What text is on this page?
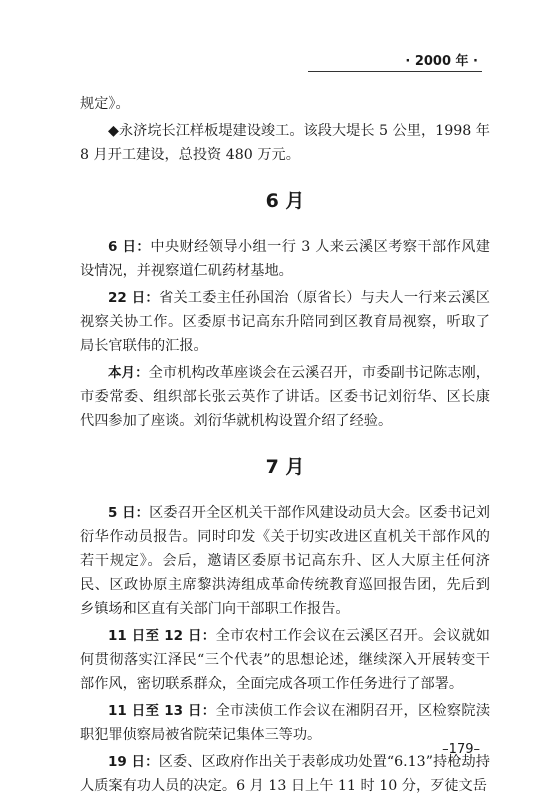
· 2000 年 ·

规定》。

◆永济垸长江样板堤建设竣工。该段大堤长 5 公里，1998 年 8 月开工建设，总投资 480 万元。

6 月

6 日：中央财经领导小组一行 3 人来云溪区考察干部作风建设情况，并视察道仁矶药材基地。

22 日：省关工委主任孙国治（原省长）与夫人一行来云溪区视察关协工作。区委原书记高东升陪同到区教育局视察，听取了局长官联伟的汇报。

本月：全市机构改革座谈会在云溪召开，市委副书记陈志刚，市委常委、组织部长张云英作了讲话。区委书记刘衍华、区长康代四参加了座谈。刘衍华就机构设置介绍了经验。

7 月

5 日：区委召开全区机关干部作风建设动员大会。区委书记刘衍华作动员报告。同时印发《关于切实改进区直机关干部作风的若干规定》。会后，邀请区委原书记高东升、区人大原主任何济民、区政协原主席黎洪涛组成革命传统教育巡回报告团，先后到乡镇场和区直有关部门向干部职工作报告。

11 日至 12 日：全市农村工作会议在云溪区召开。会议就如何贯彻落实江泽民“三个代表”的思想论述，继续深入开展转变干部作风，密切联系群众，全面完成各项工作任务进行了部署。

11 日至 13 日：全市渎侦工作会议在湘阴召开，区检察院渎职犯罪侦察局被省院荣记集体三等功。

19 日：区委、区政府作出关于表彰成功处置“6.13”持枪劫持人质案有功人员的决定。6 月 13 日上午 11 时 10 分，歹徒文岳

–179–
